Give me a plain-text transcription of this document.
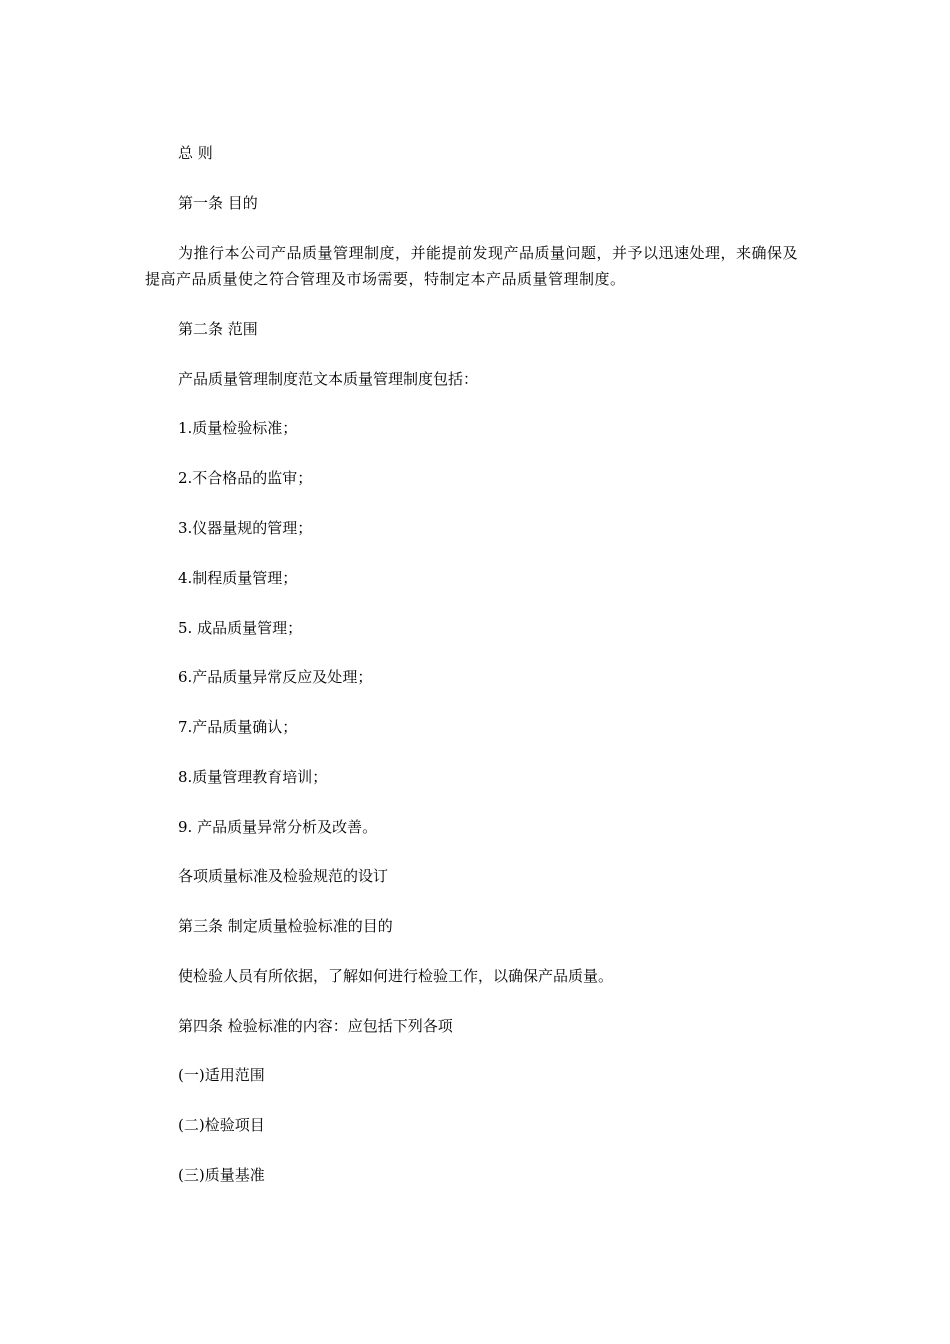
总 则

第一条 目的

为推行本公司产品质量管理制度，并能提前发现产品质量问题，并予以迅速处理，来确保及提高产品质量使之符合管理及市场需要，特制定本产品质量管理制度。

第二条 范围

产品质量管理制度范文本质量管理制度包括：

1.质量检验标准；

2.不合格品的监审；

3.仪器量规的管理；

4.制程质量管理；

5. 成品质量管理；

6.产品质量异常反应及处理；

7.产品质量确认；

8.质量管理教育培训；

9. 产品质量异常分析及改善。

各项质量标准及检验规范的设订

第三条 制定质量检验标准的目的

使检验人员有所依据，了解如何进行检验工作，以确保产品质量。

第四条 检验标准的内容：应包括下列各项

(一)适用范围

(二)检验项目

(三)质量基准
